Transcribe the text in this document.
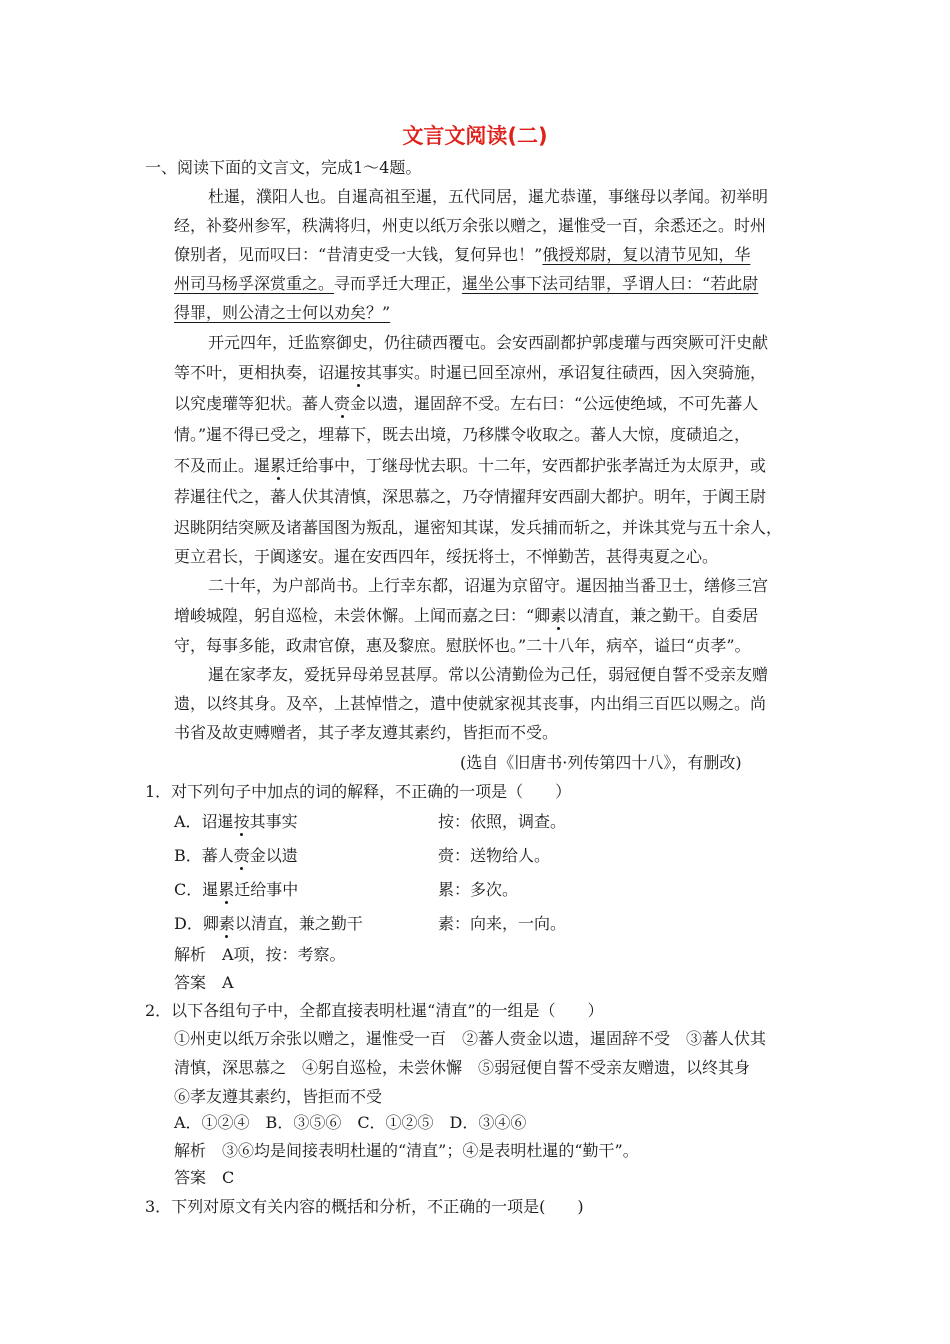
文言文阅读(二)
一、阅读下面的文言文，完成1～4题。
杜暹，濮阳人也。自暹高祖至暹，五代同居，暹尤恭谨，事继母以孝闻。初举明
经，补婺州参军，秩满将归，州吏以纸万余张以赠之，暹惟受一百，余悉还之。时州
僚别者，见而叹曰：“昔清吏受一大钱，复何异也！”俄授郑尉，复以清节见知，华
州司马杨孚深赏重之。寻而孚迁大理正，暹坐公事下法司结罪，孚谓人曰：“若此尉
得罪，则公清之士何以劝矣？”
开元四年，迁监察御史，仍往碛西覆屯。会安西副都护郭虔瓘与西突厥可汗史献
等不叶，更相执奏，诏暹按其事实。时暹已回至凉州，承诏复往碛西，因入突骑施，
以究虔瓘等犯状。蕃人赍金以遗，暹固辞不受。左右曰：“公远使绝域，不可先蕃人
情。”暹不得已受之，埋幕下，既去出境，乃移牒令收取之。蕃人大惊，度碛追之，
不及而止。暹累迁给事中，丁继母忧去职。十二年，安西都护张孝嵩迁为太原尹，或
荐暹往代之，蕃人伏其清慎，深思慕之，乃夺情擢拜安西副大都护。明年，于阗王尉
迟眺阴结突厥及诸蕃国图为叛乱，暹密知其谋，发兵捕而斩之，并诛其党与五十余人，
更立君长，于阗遂安。暹在安西四年，绥抚将士，不惮勤苦，甚得夷夏之心。
二十年，为户部尚书。上行幸东都，诏暹为京留守。暹因抽当番卫士，缮修三宫
增峻城隍，躬自巡检，未尝休懈。上闻而嘉之曰：“卿素以清直，兼之勤干。自委居
守，每事多能，政肃官僚，惠及黎庶。慰朕怀也。”二十八年，病卒，谥曰“贞孝”。
暹在家孝友，爱抚异母弟昱甚厚。常以公清勤俭为己任，弱冠便自誓不受亲友赠
遗，以终其身。及卒，上甚悼惜之，遣中使就家视其丧事，内出绢三百匹以赐之。尚
书省及故吏赙赠者，其子孝友遵其素约，皆拒而不受。
(选自《旧唐书·列传第四十八》，有删改)
1．对下列句子中加点的词的解释，不正确的一项是（　　）
A．诏暹按其事实	按：依照，调查。
B．蕃人赍金以遗	赍：送物给人。
C．暹累迁给事中	累：多次。
D．卿素以清直，兼之勤干	素：向来，一向。
解析　A项，按：考察。
答案　A
2．以下各组句子中，全都直接表明杜暹“清直”的一组是（　　）
①州吏以纸万余张以赠之，暹惟受一百　②蕃人赍金以遗，暹固辞不受　③蕃人伏其
清慎，深思慕之　④躬自巡检，未尝休懈　⑤弱冠便自誓不受亲友赠遗，以终其身
⑥孝友遵其素约，皆拒而不受
A．①②④　B．③⑤⑥　C．①②⑤　D．③④⑥
解析　③⑥均是间接表明杜暹的“清直”；④是表明杜暹的“勤干”。
答案　C
3．下列对原文有关内容的概括和分析，不正确的一项是(　　)
